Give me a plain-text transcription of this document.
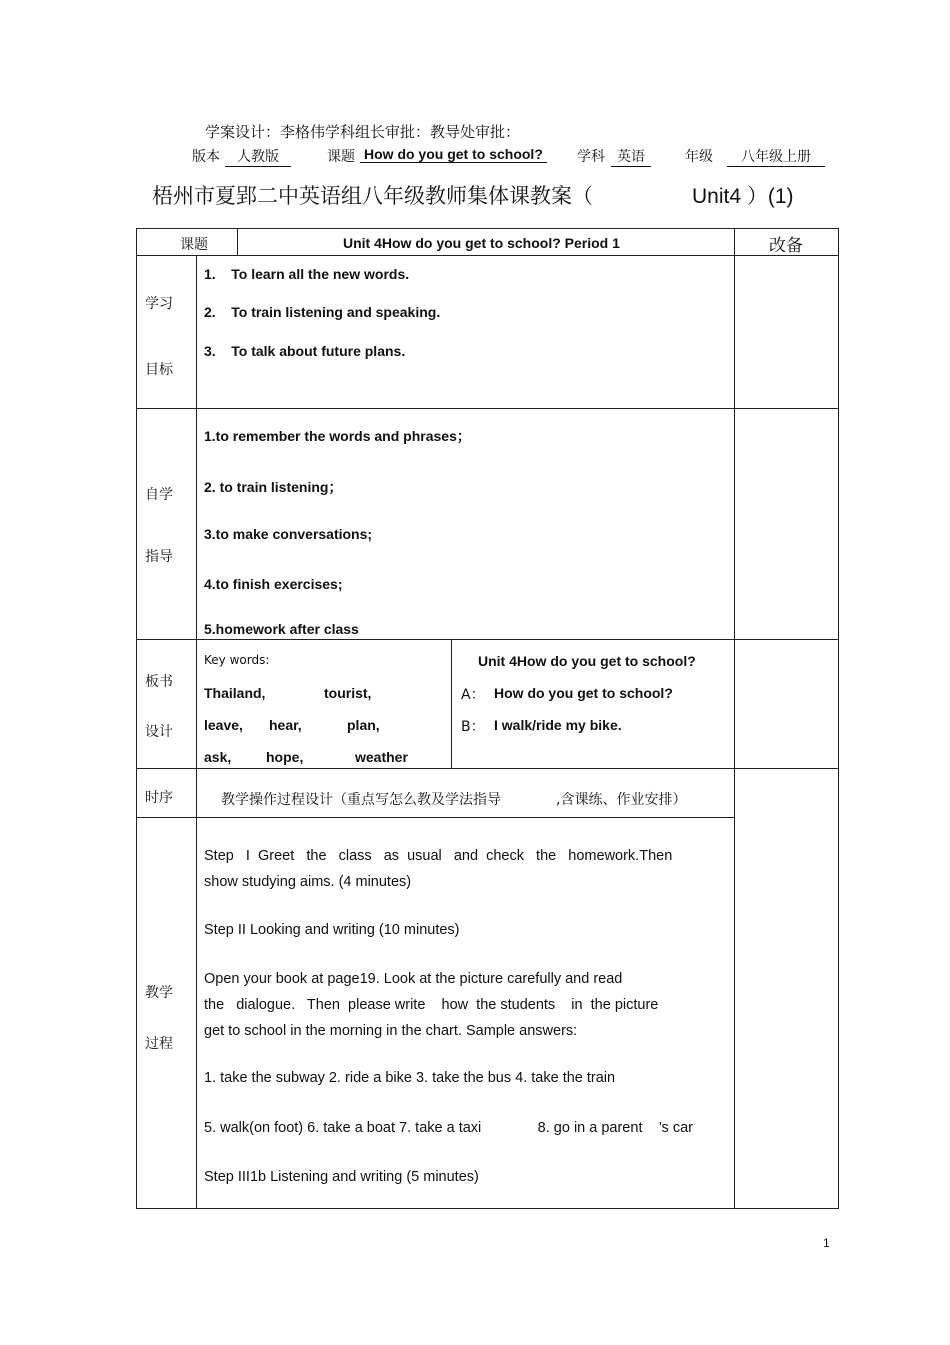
学案设计：李格伟学科组长审批：教导处审批：
版本	人教版	课题 How do you get to school? 学科 英语	年级	八年级上册
梧州市夏郢二中英语组八年级教师集体课教案（	Unit4 ）(1)
课题	Unit 4How do you get to school? Period 1	改备
学习
目标
1.    To learn all the new words.
2.    To train listening and speaking.
3.    To talk about future plans.
自学
指导
1.to remember the words and phrases；
2. to train listening；
3.to make conversations;
4.to finish exercises;
5.homework after class
板书
设计
Key words:
Thailand,	tourist,
leave, hear,	plan,
ask, hope,	weather
Unit 4How do you get to school?
A： How do you get to school?
B： I walk/ride my bike.
时序	教学操作过程设计（重点写怎么教及学法指导	,含课练、作业安排）
教学
过程
Step   I  Greet   the   class   as  usual   and  check   the   homework.Then
show studying aims. (4 minutes)
Step II Looking and writing (10 minutes)
Open your book at page19. Look at the picture carefully and read
the   dialogue.   Then  please write    how  the students    in  the picture
get to school in the morning in the chart. Sample answers:
1. take the subway 2. ride a bike 3. take the bus 4. take the train
5. walk(on foot) 6. take a boat 7. take a taxi              8. go in a parent    ’s car
Step III1b Listening and writing (5 minutes)
1
